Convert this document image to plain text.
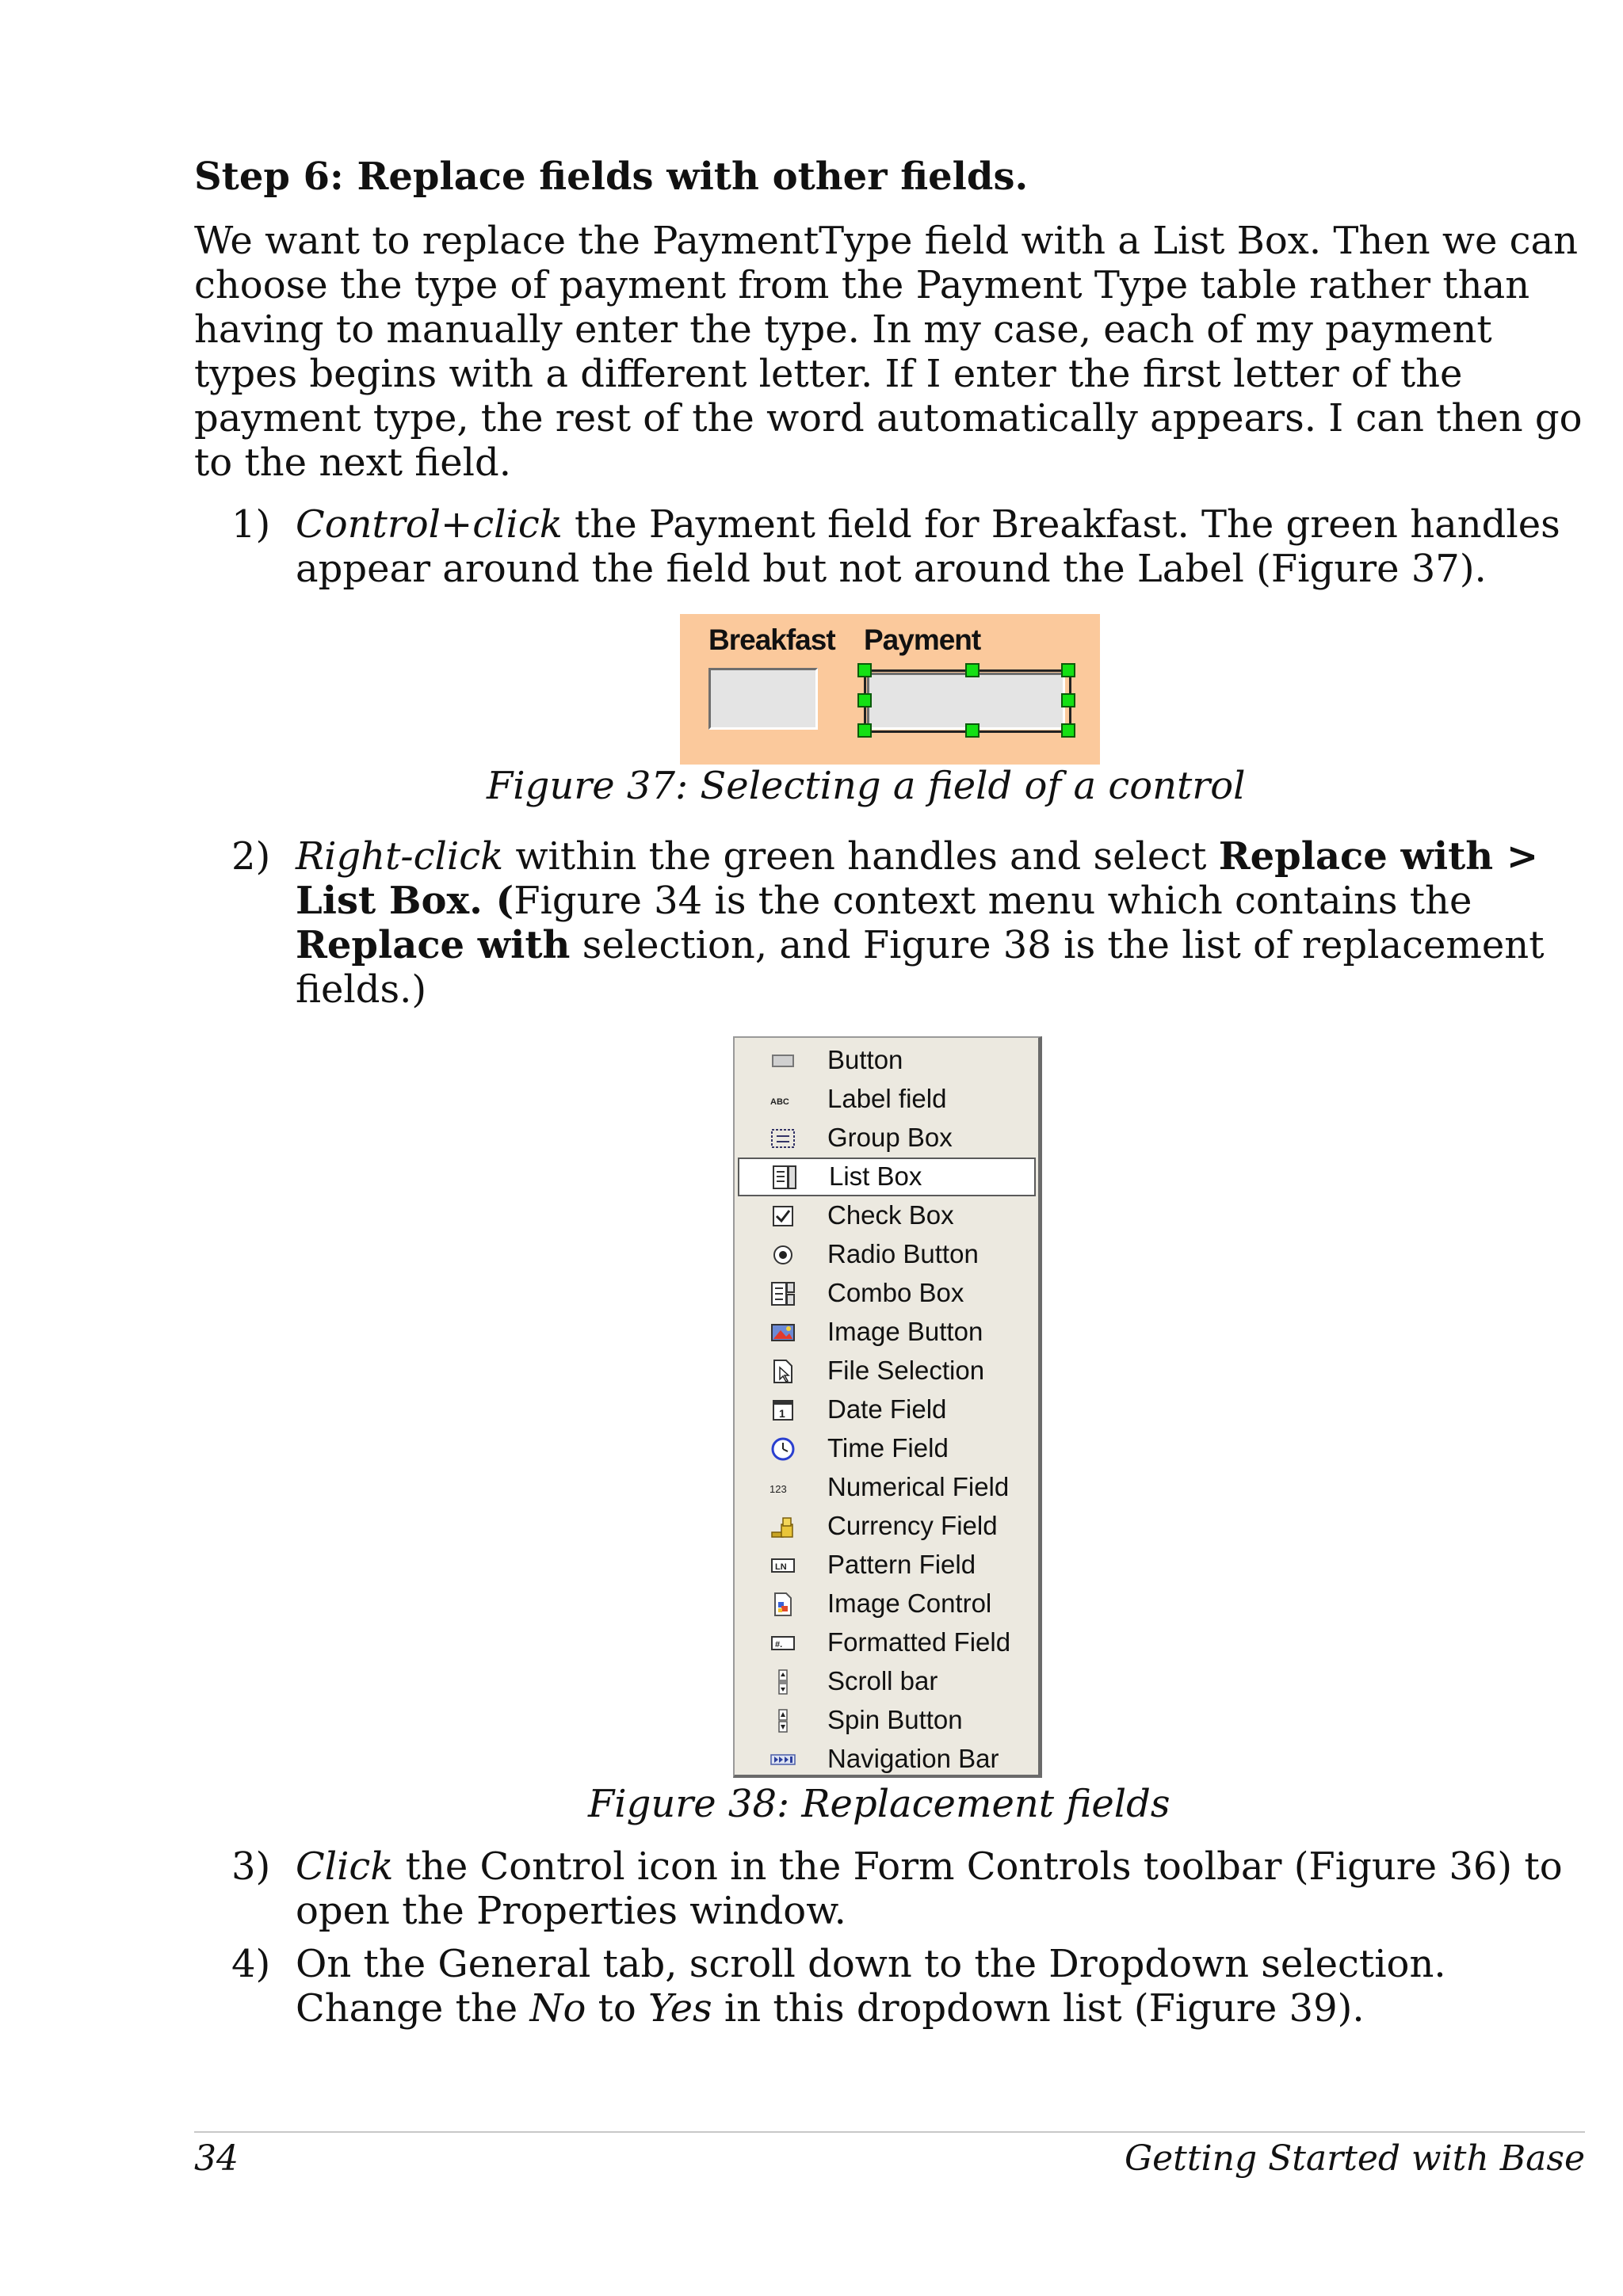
Step 6: Replace fields with other fields.
We want to replace the PaymentType field with a List Box. Then we can choose the type of payment from the Payment Type table rather than having to manually enter the type. In my case, each of my payment types begins with a different letter. If I enter the first letter of the payment type, the rest of the word automatically appears. I can then go to the next field.
1) Control+click the Payment field for Breakfast. The green handles appear around the field but not around the Label (Figure 37).
Breakfast Payment
Figure 37: Selecting a field of a control
2) Right-click within the green handles and select Replace with > List Box. (Figure 34 is the context menu which contains the Replace with selection, and Figure 38 is the list of replacement fields.)
Button
ABC Label field
Group Box
List Box
Check Box
Radio Button
Combo Box
Image Button
File Selection
1 Date Field
Time Field
123 Numerical Field
Currency Field
LN Pattern Field
Image Control
#. Formatted Field
Scroll bar
Spin Button
Navigation Bar
Figure 38: Replacement fields
3) Click the Control icon in the Form Controls toolbar (Figure 36) to open the Properties window.
4) On the General tab, scroll down to the Dropdown selection. Change the No to Yes in this dropdown list (Figure 39).
34	Getting Started with Base
